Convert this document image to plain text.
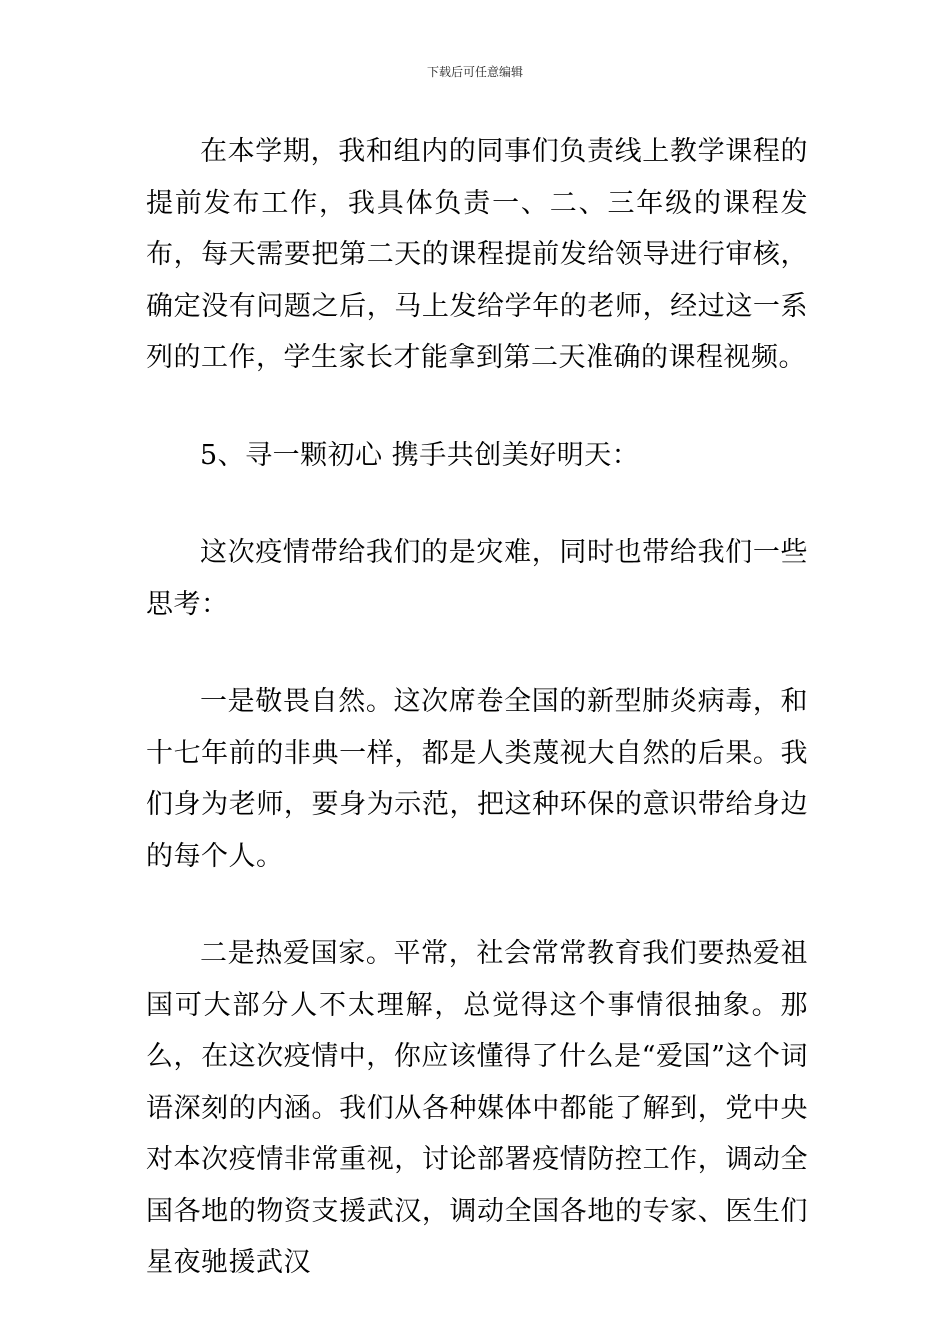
下载后可任意编辑

在本学期，我和组内的同事们负责线上教学课程的提前发布工作，我具体负责一、二、三年级的课程发布，每天需要把第二天的课程提前发给领导进行审核，确定没有问题之后，马上发给学年的老师，经过这一系列的工作，学生家长才能拿到第二天准确的课程视频。

5、寻一颗初心 携手共创美好明天：

这次疫情带给我们的是灾难，同时也带给我们一些思考：

一是敬畏自然。这次席卷全国的新型肺炎病毒，和十七年前的非典一样，都是人类蔑视大自然的后果。我们身为老师，要身为示范，把这种环保的意识带给身边的每个人。

二是热爱国家。平常，社会常常教育我们要热爱祖国可大部分人不太理解，总觉得这个事情很抽象。那么，在这次疫情中，你应该懂得了什么是“爱国”这个词语深刻的内涵。我们从各种媒体中都能了解到，党中央对本次疫情非常重视，讨论部署疫情防控工作，调动全国各地的物资支援武汉，调动全国各地的专家、医生们星夜驰援武汉
